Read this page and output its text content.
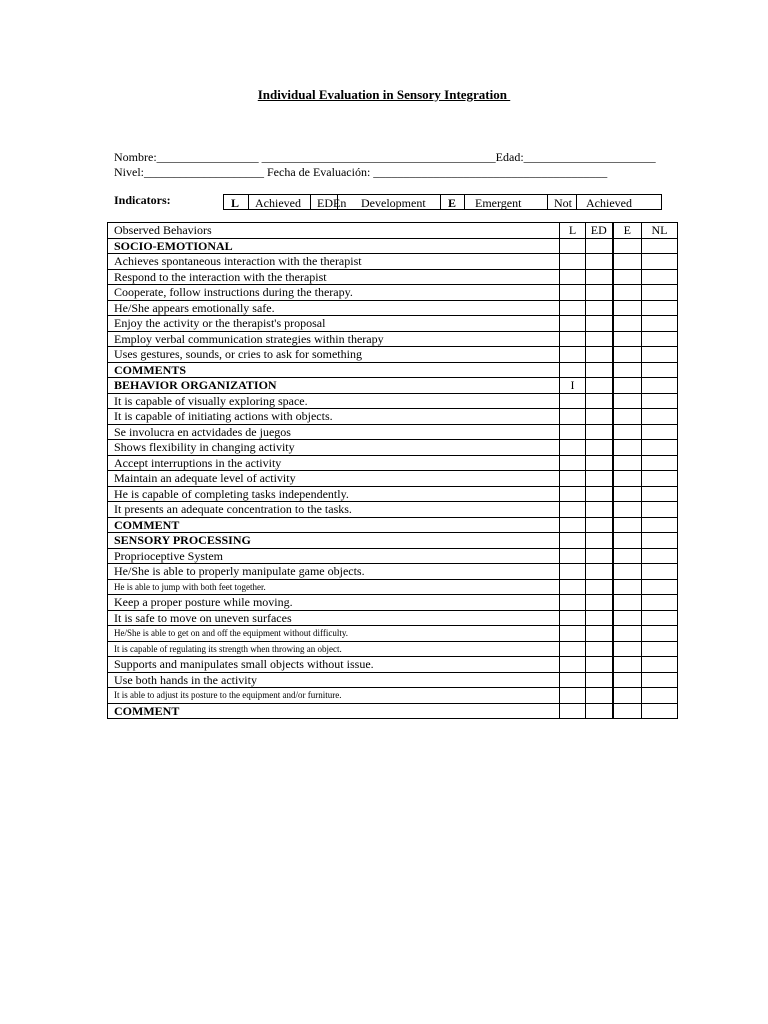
Individual Evaluation in Sensory Integration
Nombre:_________________ _______________________________________Edad:______________________
Nivel:____________________ Fecha de Evaluación: _______________________________________
Indicators:	L Achieved EDEn Development E Emergent	Not Achieved
Observed Behaviors	L	ED	E	NL
SOCIO-EMOTIONAL				
Achieves spontaneous interaction with the therapist				
Respond to the interaction with the therapist				
Cooperate, follow instructions during the therapy.				
He/She appears emotionally safe.				
Enjoy the activity or the therapist's proposal				
Employ verbal communication strategies within therapy				
Uses gestures, sounds, or cries to ask for something				
COMMENTS				
BEHAVIOR ORGANIZATION	I			
It is capable of visually exploring space.				
It is capable of initiating actions with objects.				
Se involucra en actvidades de juegos				
Shows flexibility in changing activity				
Accept interruptions in the activity				
Maintain an adequate level of activity				
He is capable of completing tasks independently.				
It presents an adequate concentration to the tasks.				
COMMENT				
SENSORY PROCESSING				
Proprioceptive System				
He/She is able to properly manipulate game objects.				
He is able to jump with both feet together.				
Keep a proper posture while moving.				
It is safe to move on uneven surfaces				
He/She is able to get on and off the equipment without difficulty.				
It is capable of regulating its strength when throwing an object.				
Supports and manipulates small objects without issue.				
Use both hands in the activity				
It is able to adjust its posture to the equipment and/or furniture.				
COMMENT				
